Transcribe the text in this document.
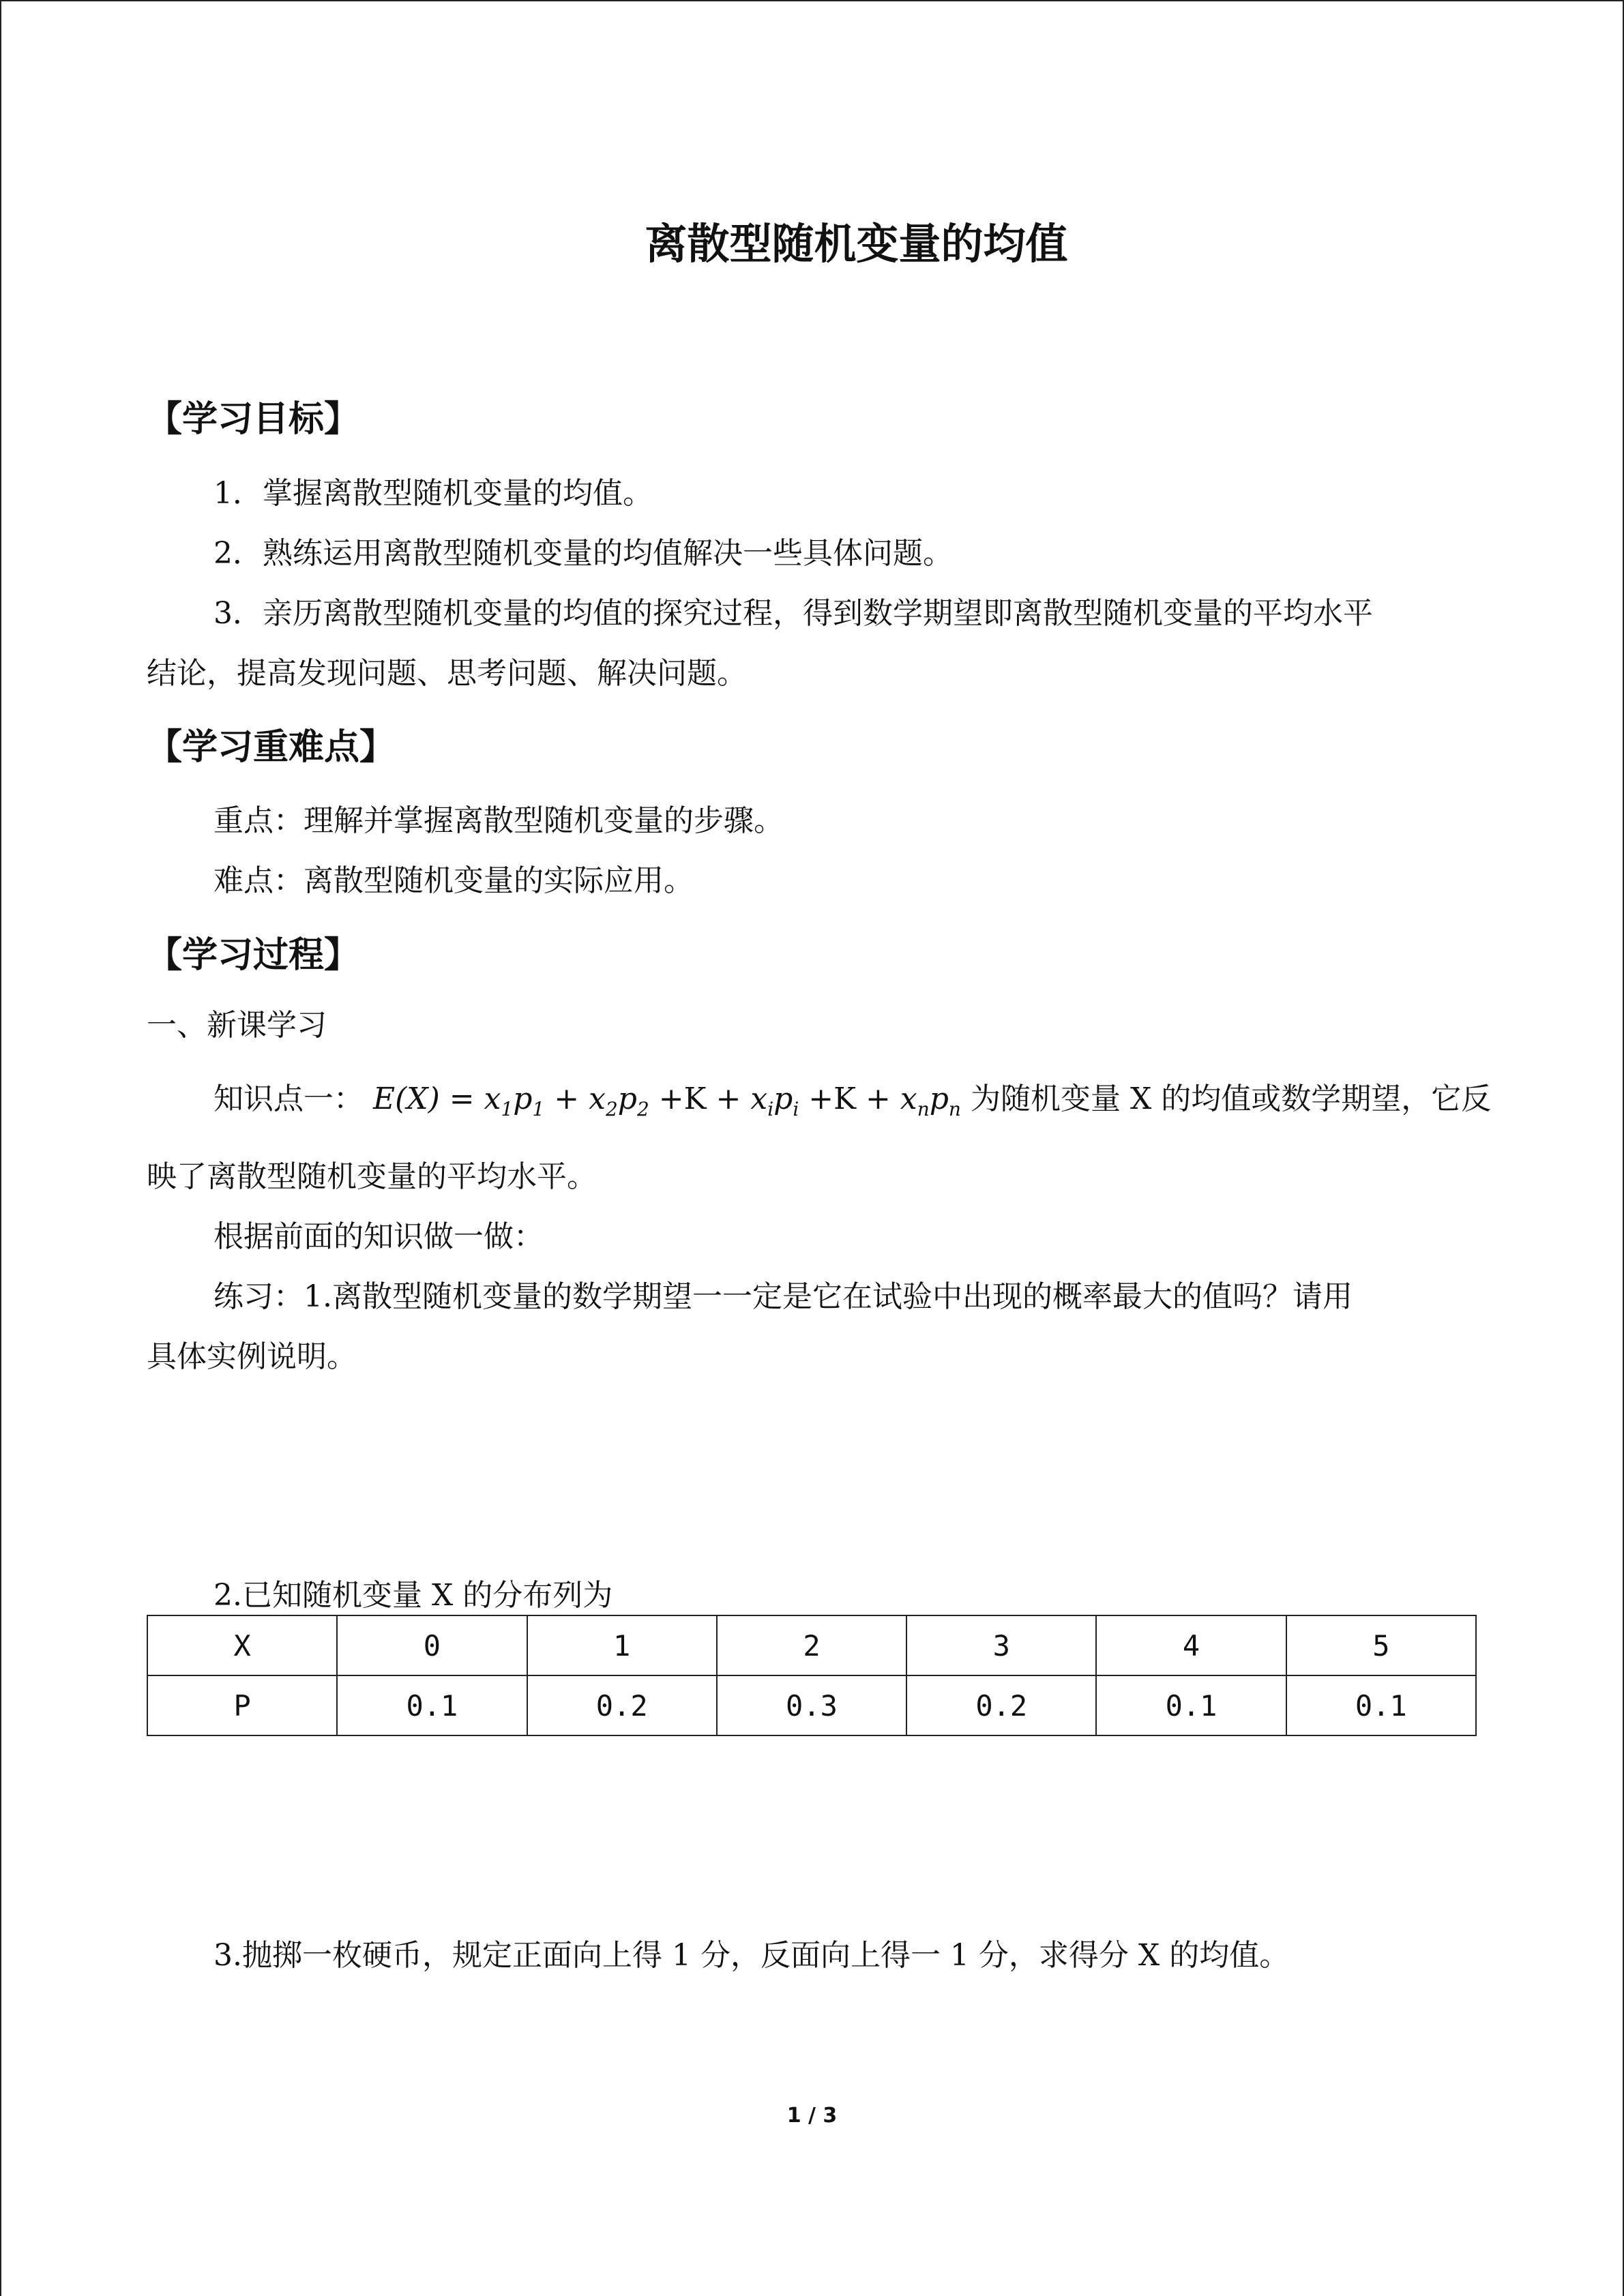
离散型随机变量的均值
【学习目标】
1．掌握离散型随机变量的均值。
2．熟练运用离散型随机变量的均值解决一些具体问题。
3．亲历离散型随机变量的均值的探究过程，得到数学期望即离散型随机变量的平均水平
结论，提高发现问题、思考问题、解决问题。
【学习重难点】
重点：理解并掌握离散型随机变量的步骤。
难点：离散型随机变量的实际应用。
【学习过程】
一、新课学习
知识点一： $E(X) = x_1p_1 + x_2p_2 +K + x_ip_i +K + x_np_n$ 为随机变量 X 的均值或数学期望，它反
映了离散型随机变量的平均水平。
根据前面的知识做一做：
练习：1.离散型随机变量的数学期望一一定是它在试验中出现的概率最大的值吗？请用
具体实例说明。
2.已知随机变量 X 的分布列为
X	0	1	2	3	4	5
P	0.1	0.2	0.3	0.2	0.1	0.1
3.抛掷一枚硬币，规定正面向上得 1 分，反面向上得一 1 分，求得分 X 的均值。
1 / 3
